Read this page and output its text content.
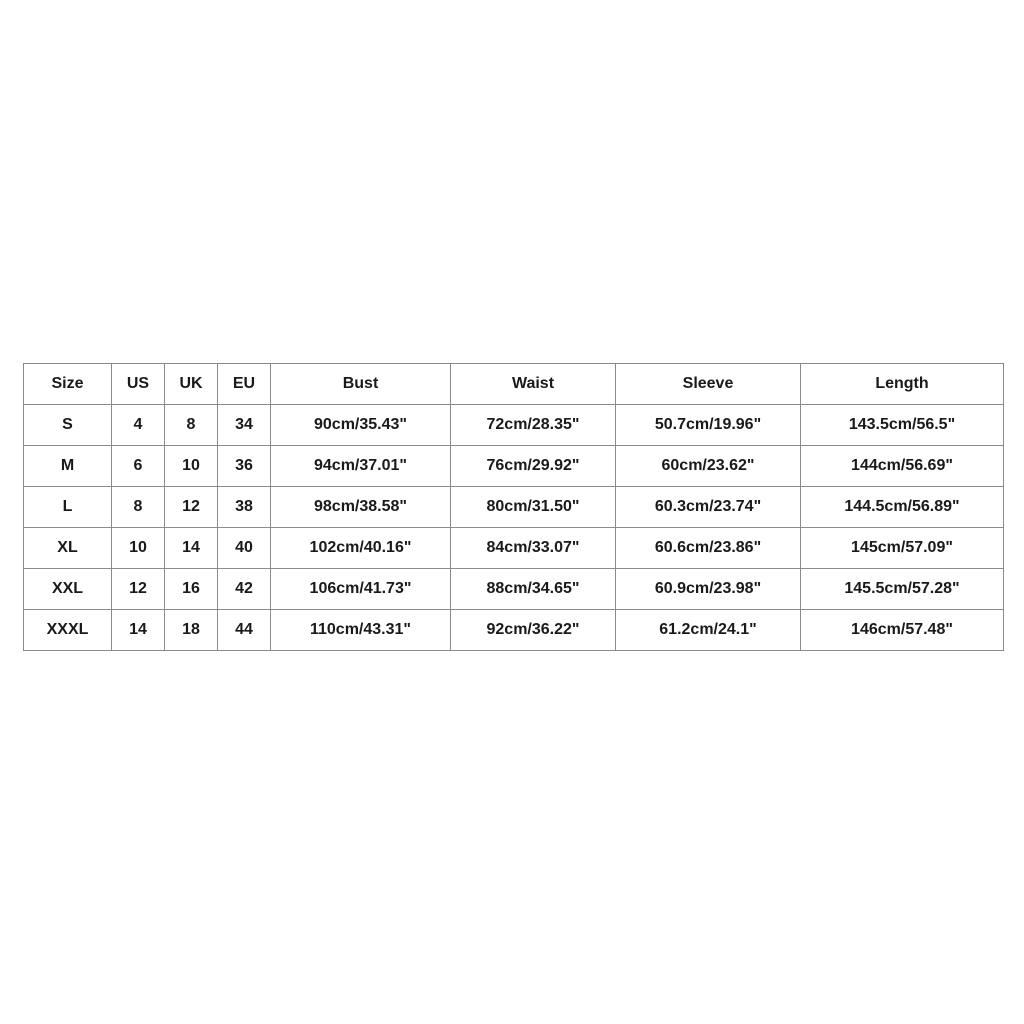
Size	US	UK	EU	Bust	Waist	Sleeve	Length
S	4	8	34	90cm/35.43"	72cm/28.35"	50.7cm/19.96"	143.5cm/56.5"
M	6	10	36	94cm/37.01"	76cm/29.92"	60cm/23.62"	144cm/56.69"
L	8	12	38	98cm/38.58"	80cm/31.50"	60.3cm/23.74"	144.5cm/56.89"
XL	10	14	40	102cm/40.16"	84cm/33.07"	60.6cm/23.86"	145cm/57.09"
XXL	12	16	42	106cm/41.73"	88cm/34.65"	60.9cm/23.98"	145.5cm/57.28"
XXXL	14	18	44	110cm/43.31"	92cm/36.22"	61.2cm/24.1"	146cm/57.48"
